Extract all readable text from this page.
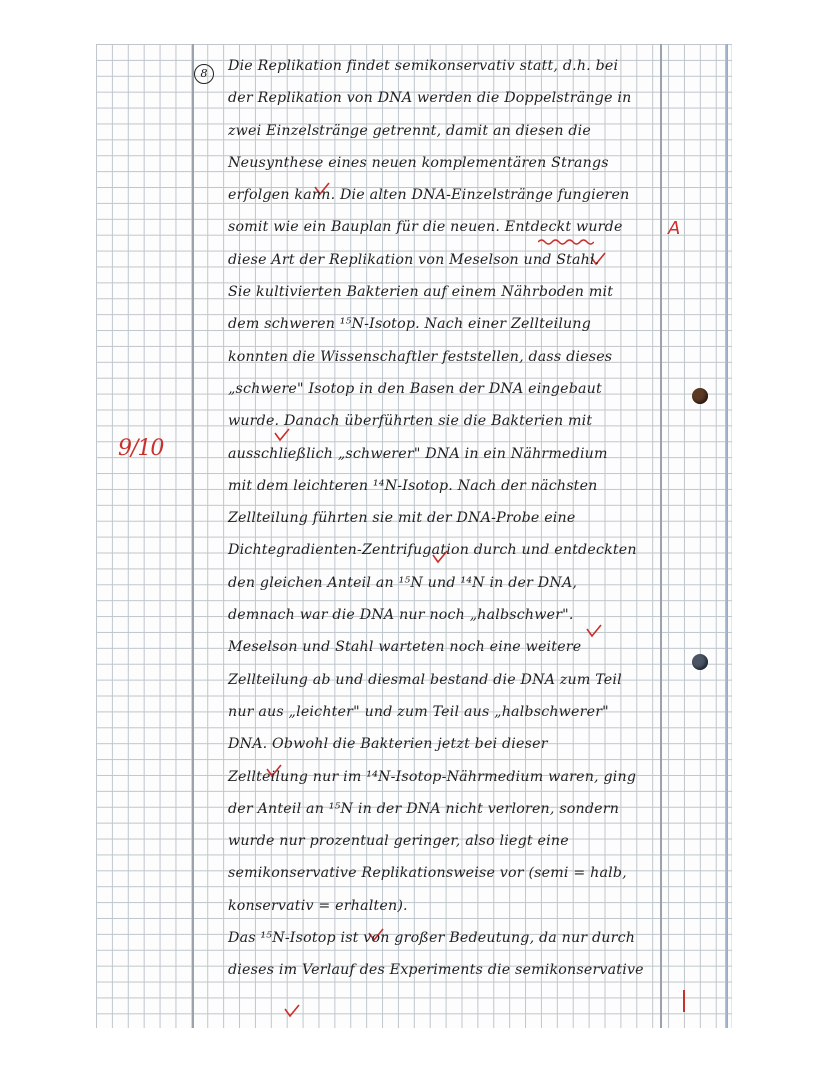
8
9/10
A
Die Replikation findet semikonservativ statt, d.h. bei
der Replikation von DNA werden die Doppelstränge in
zwei Einzelstränge getrennt, damit an diesen die
Neusynthese eines neuen komplementären Strangs
erfolgen kann. Die alten DNA-Einzelstränge fungieren
somit wie ein Bauplan für die neuen. Entdeckt wurde
diese Art der Replikation von Meselson und Stahl.
Sie kultivierten Bakterien auf einem Nährboden mit
dem schweren ¹⁵N-Isotop. Nach einer Zellteilung
konnten die Wissenschaftler feststellen, dass dieses
„schwere" Isotop in den Basen der DNA eingebaut
wurde. Danach überführten sie die Bakterien mit
ausschließlich „schwerer" DNA in ein Nährmedium
mit dem leichteren ¹⁴N-Isotop. Nach der nächsten
Zellteilung führten sie mit der DNA-Probe eine
Dichtegradienten-Zentrifugation durch und entdeckten
den gleichen Anteil an ¹⁵N und ¹⁴N in der DNA,
demnach war die DNA nur noch „halbschwer".
Meselson und Stahl warteten noch eine weitere
Zellteilung ab und diesmal bestand die DNA zum Teil
nur aus „leichter" und zum Teil aus „halbschwerer"
DNA. Obwohl die Bakterien jetzt bei dieser
Zellteilung nur im ¹⁴N-Isotop-Nährmedium waren, ging
der Anteil an ¹⁵N in der DNA nicht verloren, sondern
wurde nur prozentual geringer, also liegt eine
semikonservative Replikationsweise vor (semi = halb,
konservativ = erhalten).
Das ¹⁵N-Isotop ist von großer Bedeutung, da nur durch
dieses im Verlauf des Experiments die semikonservative
